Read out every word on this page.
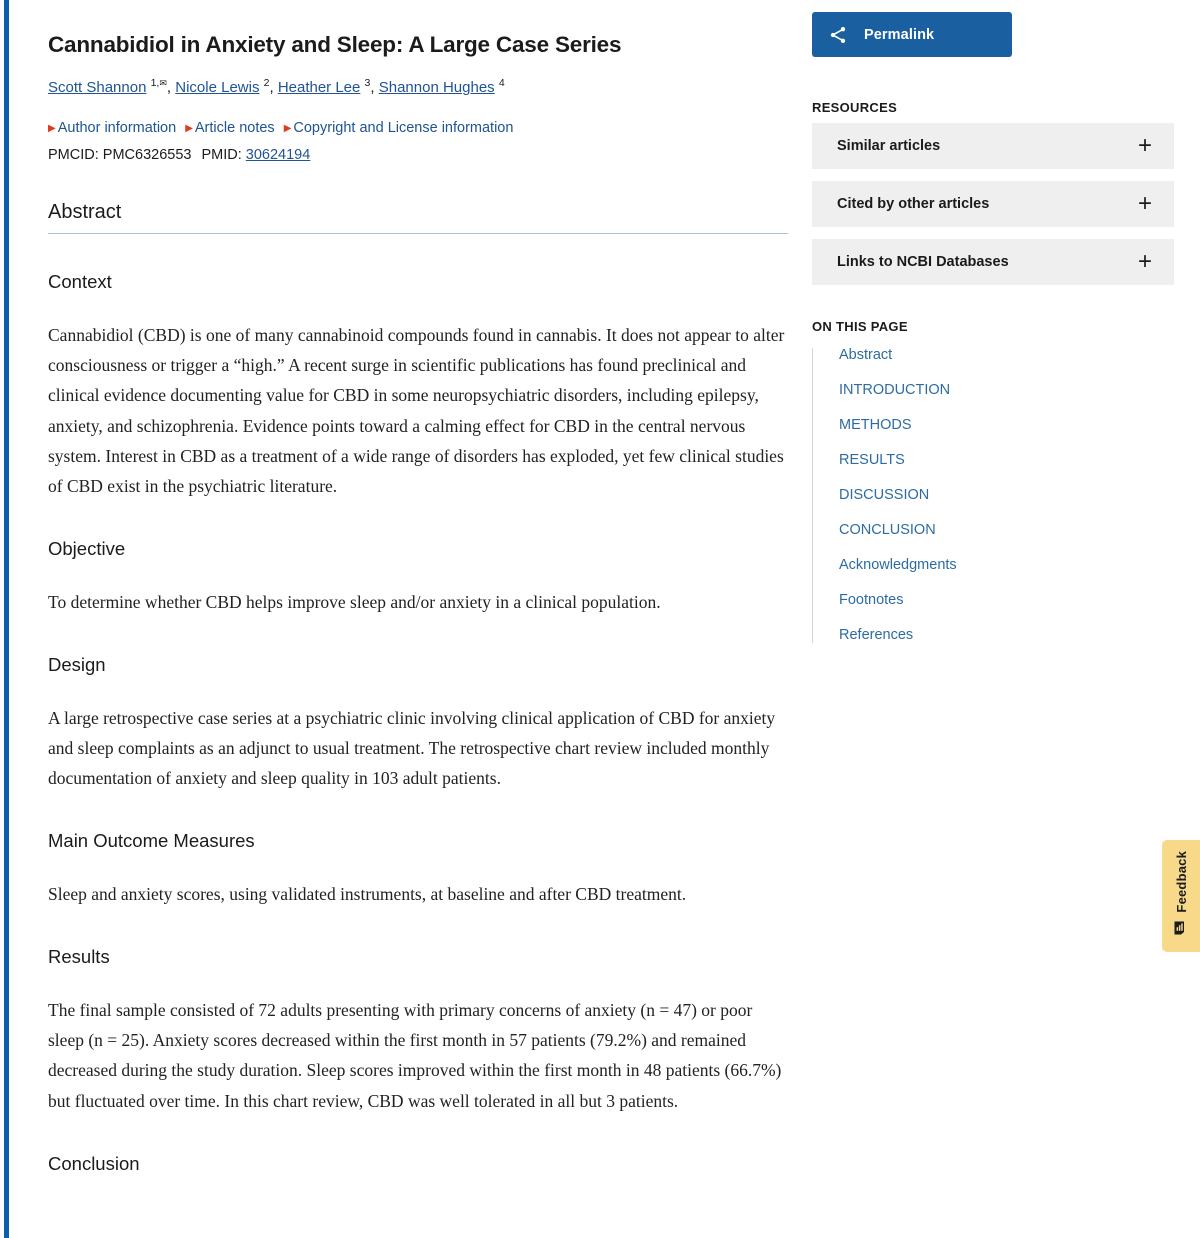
Cannabidiol in Anxiety and Sleep: A Large Case Series
Scott Shannon $^{1,✉}$, Nicole Lewis $^2$, Heather Lee $^3$, Shannon Hughes $^4$
▶ Author information ▶ Article notes ▶ Copyright and License information
PMCID: PMC6326553 PMID: 30624194
Abstract
Context

Cannabidiol (CBD) is one of many cannabinoid compounds found in cannabis. It does not appear to alter consciousness or trigger a “high.” A recent surge in scientific publications has found preclinical and clinical evidence documenting value for CBD in some neuropsychiatric disorders, including epilepsy, anxiety, and schizophrenia. Evidence points toward a calming effect for CBD in the central nervous system. Interest in CBD as a treatment of a wide range of disorders has exploded, yet few clinical studies of CBD exist in the psychiatric literature.

Objective

To determine whether CBD helps improve sleep and/or anxiety in a clinical population.

Design

A large retrospective case series at a psychiatric clinic involving clinical application of CBD for anxiety and sleep complaints as an adjunct to usual treatment. The retrospective chart review included monthly documentation of anxiety and sleep quality in 103 adult patients.

Main Outcome Measures

Sleep and anxiety scores, using validated instruments, at baseline and after CBD treatment.

Results

The final sample consisted of 72 adults presenting with primary concerns of anxiety (n = 47) or poor sleep (n = 25). Anxiety scores decreased within the first month in 57 patients (79.2%) and remained decreased during the study duration. Sleep scores improved within the first month in 48 patients (66.7%) but fluctuated over time. In this chart review, CBD was well tolerated in all but 3 patients.

Conclusion
Permalink
RESOURCES
Similar articles	+
Cited by other articles	+
Links to NCBI Databases	+
ON THIS PAGE
Abstract
INTRODUCTION
METHODS
RESULTS
DISCUSSION
CONCLUSION
Acknowledgments
Footnotes
References
Feedback
